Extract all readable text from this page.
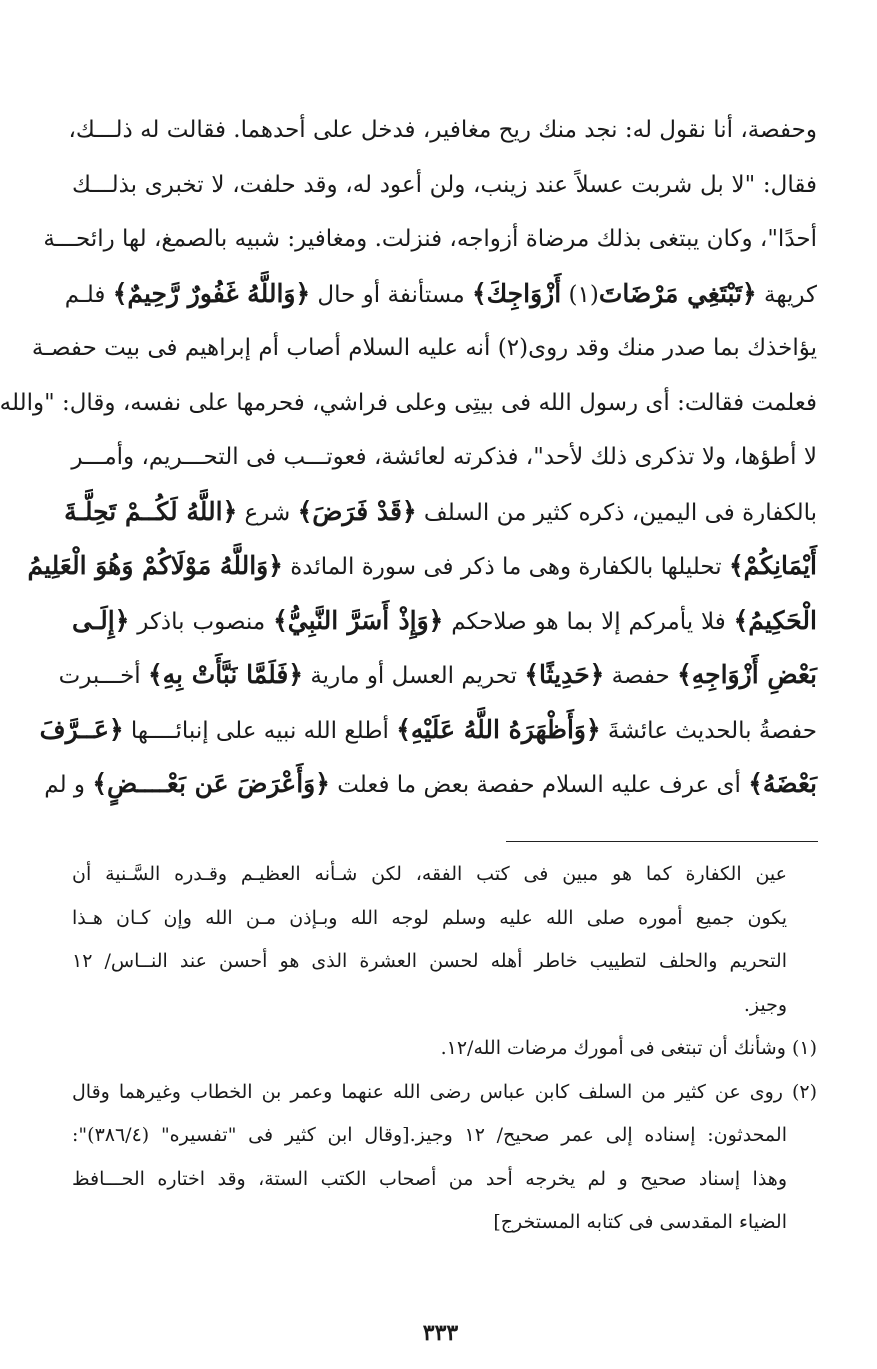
وحفصة، أنا نقول له: نجد منك ريح مغافير، فدخل على أحدهما. فقالت له ذلـــك،
فقال: "لا بل شربت عسلاً عند زينب، ولن أعود له، وقد حلفت، لا تخبرى بذلـــك
أحدًا"، وكان يبتغى بذلك مرضاة أزواجه، فنزلت. ومغافير: شبيه بالصمغ، لها رائحـــة
كريهة ﴿تَبْتَغِي مَرْضَاتَ(١) أَزْوَاجِكَ﴾ مستأنفة أو حال ﴿وَاللَّهُ غَفُورٌ رَّحِيمٌ﴾ فلـم
يؤاخذك بما صدر منك وقد روى(٢) أنه عليه السلام أصاب أم إبراهيم فى بيت حفصـة
فعلمت فقالت: أى رسول الله فى بيتِى وعلى فراشي، فحرمها على نفسه، وقال: "والله
لا أطؤها، ولا تذكرى ذلك لأحد"، فذكرته لعائشة، فعوتـــب فى التحـــريم، وأمـــر
بالكفارة فى اليمين، ذكره كثير من السلف ﴿قَدْ فَرَضَ﴾ شرع ﴿اللَّهُ لَكُــمْ تَحِلَّـةَ
أَيْمَانِكُمْ﴾ تحليلها بالكفارة وهى ما ذكر فى سورة المائدة ﴿وَاللَّهُ مَوْلَاكُمْ وَهُوَ الْعَلِيمُ
الْحَكِيمُ﴾ فلا يأمركم إلا بما هو صلاحكم ﴿وَإِذْ أَسَرَّ النَّبِيُّ﴾ منصوب باذكر ﴿إِلَـى
بَعْضِ أَزْوَاجِهِ﴾ حفصة ﴿حَدِيثًا﴾ تحريم العسل أو مارية ﴿فَلَمَّا نَبَّأَتْ بِهِ﴾ أخـــبرت
حفصةُ بالحديث عائشةَ ﴿وَأَظْهَرَهُ اللَّهُ عَلَيْهِ﴾ أطلع الله نبيه على إنبائــــها ﴿عَــرَّفَ
بَعْضَهُ﴾ أى عرف عليه السلام حفصة بعض ما فعلت ﴿وَأَعْرَضَ عَن بَعْــــضٍ﴾ و لم
عين الكفارة كما هو مبين فى كتب الفقه، لكن شـأنه العظيـم وقـدره السَّـنية أن
يكون جميع أموره صلى الله عليه وسلم لوجه الله وبـإذن مـن الله وإن كـان هـذا
التحريم والحلف لتطييب خاطر أهله لحسن العشرة الذى هو أحسن عند النــاس/ ١٢
وجيز.
(١) وشأنك أن تبتغى فى أمورك مرضات الله/١٢.
(٢) روى عن كثير من السلف كابن عباس رضى الله عنهما وعمر بن الخطاب وغيرهما وقال
المحدثون: إسناده إلى عمر صحيح/ ١٢ وجيز.[وقال ابن كثير فى "تفسيره" (٣٨٦/٤)":
وهذا إسناد صحيح و لم يخرجه أحد من أصحاب الكتب الستة، وقد اختاره الحـــافظ
الضياء المقدسى فى كتابه المستخرج]
٣٣٣
